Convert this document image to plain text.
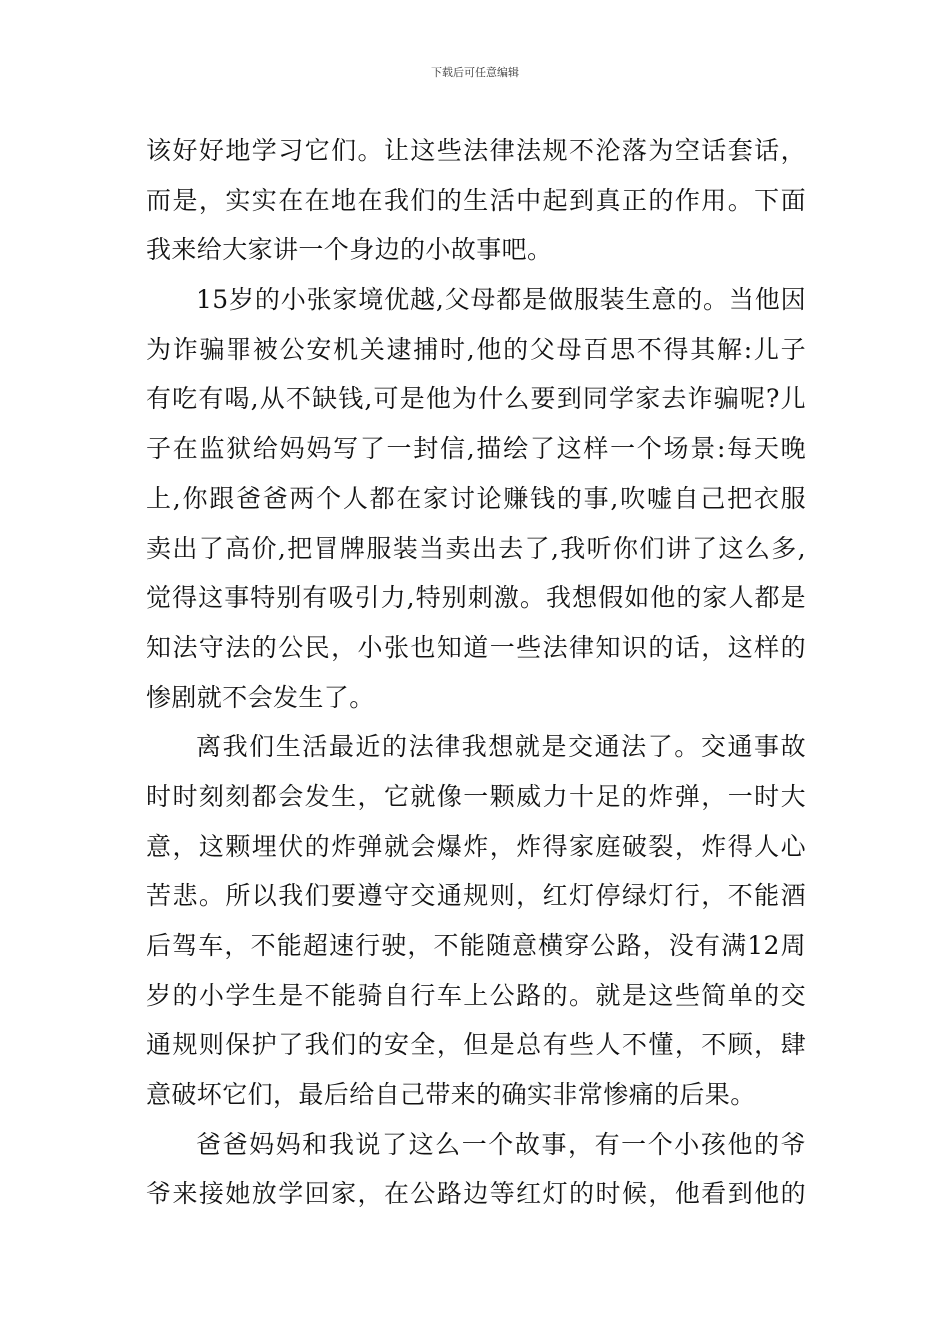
下载后可任意编辑
该好好地学习它们。让这些法律法规不沦落为空话套话，
而是，实实在在地在我们的生活中起到真正的作用。下面
我来给大家讲一个身边的小故事吧。
15岁的小张家境优越,父母都是做服装生意的。当他因
为诈骗罪被公安机关逮捕时,他的父母百思不得其解:儿子
有吃有喝,从不缺钱,可是他为什么要到同学家去诈骗呢?儿
子在监狱给妈妈写了一封信,描绘了这样一个场景:每天晚
上,你跟爸爸两个人都在家讨论赚钱的事,吹嘘自己把衣服
卖出了高价,把冒牌服装当卖出去了,我听你们讲了这么多,
觉得这事特别有吸引力,特别刺激。我想假如他的家人都是
知法守法的公民，小张也知道一些法律知识的话，这样的
惨剧就不会发生了。
离我们生活最近的法律我想就是交通法了。交通事故
时时刻刻都会发生，它就像一颗威力十足的炸弹，一时大
意，这颗埋伏的炸弹就会爆炸，炸得家庭破裂，炸得人心
苦悲。所以我们要遵守交通规则，红灯停绿灯行，不能酒
后驾车，不能超速行驶，不能随意横穿公路，没有满12周
岁的小学生是不能骑自行车上公路的。就是这些简单的交
通规则保护了我们的安全，但是总有些人不懂，不顾，肆
意破坏它们，最后给自己带来的确实非常惨痛的后果。
爸爸妈妈和我说了这么一个故事，有一个小孩他的爷
爷来接她放学回家，在公路边等红灯的时候，他看到他的
